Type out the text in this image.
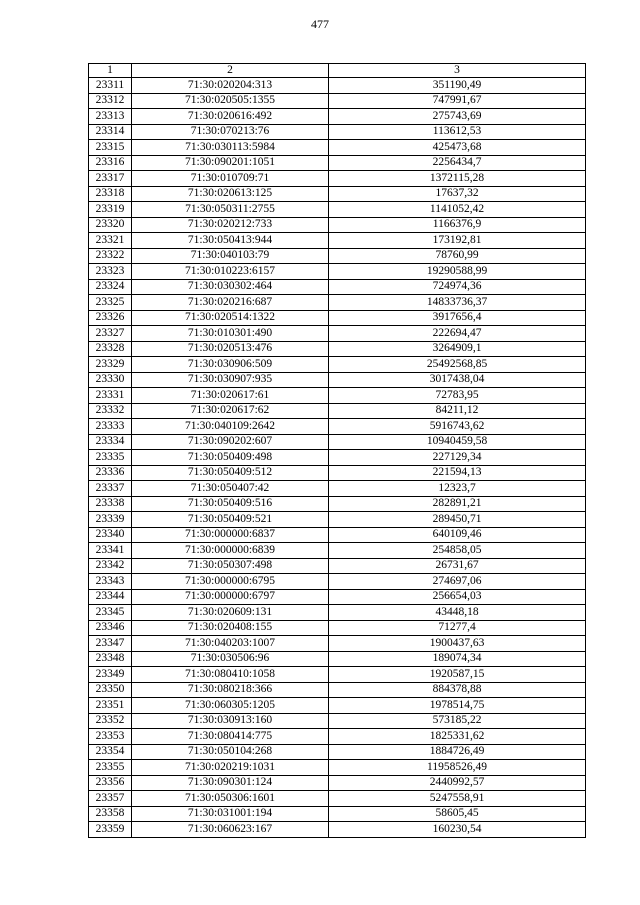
477
1	2	3
23311	71:30:020204:313	351190,49
23312	71:30:020505:1355	747991,67
23313	71:30:020616:492	275743,69
23314	71:30:070213:76	113612,53
23315	71:30:030113:5984	425473,68
23316	71:30:090201:1051	2256434,7
23317	71:30:010709:71	1372115,28
23318	71:30:020613:125	17637,32
23319	71:30:050311:2755	1141052,42
23320	71:30:020212:733	1166376,9
23321	71:30:050413:944	173192,81
23322	71:30:040103:79	78760,99
23323	71:30:010223:6157	19290588,99
23324	71:30:030302:464	724974,36
23325	71:30:020216:687	14833736,37
23326	71:30:020514:1322	3917656,4
23327	71:30:010301:490	222694,47
23328	71:30:020513:476	3264909,1
23329	71:30:030906:509	25492568,85
23330	71:30:030907:935	3017438,04
23331	71:30:020617:61	72783,95
23332	71:30:020617:62	84211,12
23333	71:30:040109:2642	5916743,62
23334	71:30:090202:607	10940459,58
23335	71:30:050409:498	227129,34
23336	71:30:050409:512	221594,13
23337	71:30:050407:42	12323,7
23338	71:30:050409:516	282891,21
23339	71:30:050409:521	289450,71
23340	71:30:000000:6837	640109,46
23341	71:30:000000:6839	254858,05
23342	71:30:050307:498	26731,67
23343	71:30:000000:6795	274697,06
23344	71:30:000000:6797	256654,03
23345	71:30:020609:131	43448,18
23346	71:30:020408:155	71277,4
23347	71:30:040203:1007	1900437,63
23348	71:30:030506:96	189074,34
23349	71:30:080410:1058	1920587,15
23350	71:30:080218:366	884378,88
23351	71:30:060305:1205	1978514,75
23352	71:30:030913:160	573185,22
23353	71:30:080414:775	1825331,62
23354	71:30:050104:268	1884726,49
23355	71:30:020219:1031	11958526,49
23356	71:30:090301:124	2440992,57
23357	71:30:050306:1601	5247558,91
23358	71:30:031001:194	58605,45
23359	71:30:060623:167	160230,54
